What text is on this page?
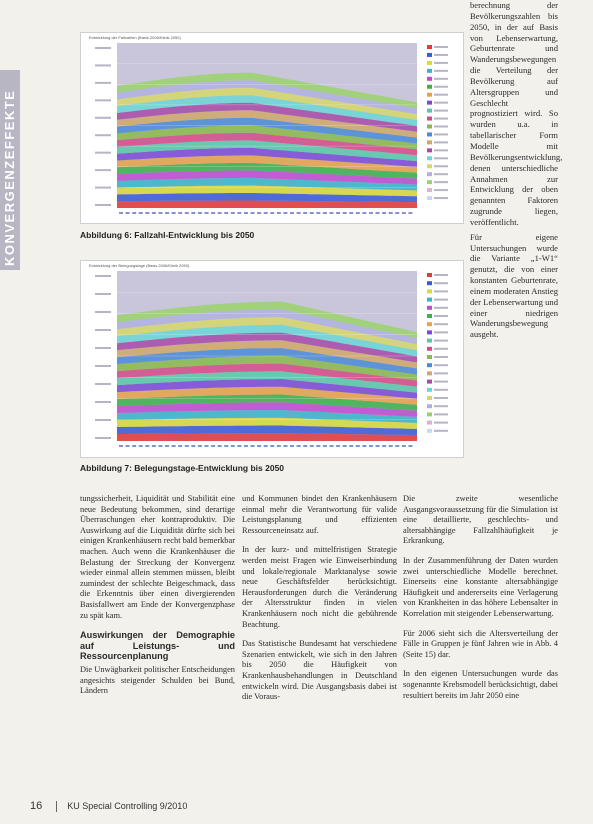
KONVERGENZEFFEKTE
Entwicklung der Fallzahlen (Basis 2006/Klinik 2050)
Abbildung 6: Fallzahl-Entwicklung bis 2050
Entwicklung der Belegungstage (Basis 2006/Klinik 2050)
Abbildung 7: Belegungstage-Entwicklung bis 2050

berechnung der Bevölkerungszahlen bis 2050, in der auf Basis von Lebenserwartung, Geburtenrate und Wanderungsbewegungen die Verteilung der Bevölkerung auf Altersgruppen und Geschlecht prognostiziert wird. So wurden u.a. in tabellarischer Form Modelle mit Bevölkerungsentwicklung, denen unterschiedliche Annahmen zur Entwicklung der oben genannten Faktoren zugrunde liegen, veröffentlicht.

Für eigene Untersuchungen wurde die Variante „1-W1“ genutzt, die von einer konstanten Geburtenrate, einem moderaten Anstieg der Lebenserwartung und einer niedrigen Wanderungsbewegung ausgeht.

tungssicherheit, Liquidität und Stabilität eine neue Bedeutung bekommen, sind derartige Überraschungen eher kontraproduktiv. Die Auswirkung auf die Liquidität dürfte sich bei einigen Krankenhäusern recht bald bemerkbar machen. Auch wenn die Krankenhäuser die Belastung der Streckung der Konvergenz wieder einmal allein stemmen müssen, bleibt zumindest der schlechte Beigeschmack, dass die Erkenntnis über einen divergierenden Basisfallwert am Ende der Konvergenzphase zu spät kam.

Auswirkungen der Demographie auf Leistungs- und Ressourcenplanung

Die Unwägbarkeit politischer Entscheidungen angesichts steigender Schulden bei Bund, Ländern

und Kommunen bindet den Krankenhäusern einmal mehr die Verantwortung für valide Leistungsplanung und effizienten Ressourceneinsatz auf.

In der kurz- und mittelfristigen Strategie werden meist Fragen wie Einweiserbindung und lokale/regionale Marktanalyse sowie neue Geschäftsfelder berücksichtigt. Herausforderungen durch die Veränderung der Altersstruktur finden in vielen Krankenhäusern noch nicht die gebührende Beachtung.

Das Statistische Bundesamt hat verschiedene Szenarien entwickelt, wie sich in den Jahren bis 2050 die Häufigkeit von Krankenhausbehandlungen in Deutschland entwickeln wird. Die Ausgangsbasis dabei ist die Voraus-

Die zweite wesentliche Ausgangsvoraussetzung für die Simulation ist eine detaillierte, geschlechts- und altersabhängige Fallzahlhäufigkeit je Erkrankung.

In der Zusammenführung der Daten wurden zwei unterschiedliche Modelle berechnet. Einerseits eine konstante altersabhängige Häufigkeit und andererseits eine Verlagerung von Krankheiten in das höhere Lebensalter in Korrelation mit steigender Lebenserwartung.

Für 2006 sieht sich die Altersverteilung der Fälle in Gruppen je fünf Jahren wie in Abb. 4 (Seite 15) dar.

In den eigenen Untersuchungen wurde das sogenannte Krebsmodell berücksichtigt, dabei resultiert bereits im Jahr 2050 eine

16	KU Special Controlling 9/2010
